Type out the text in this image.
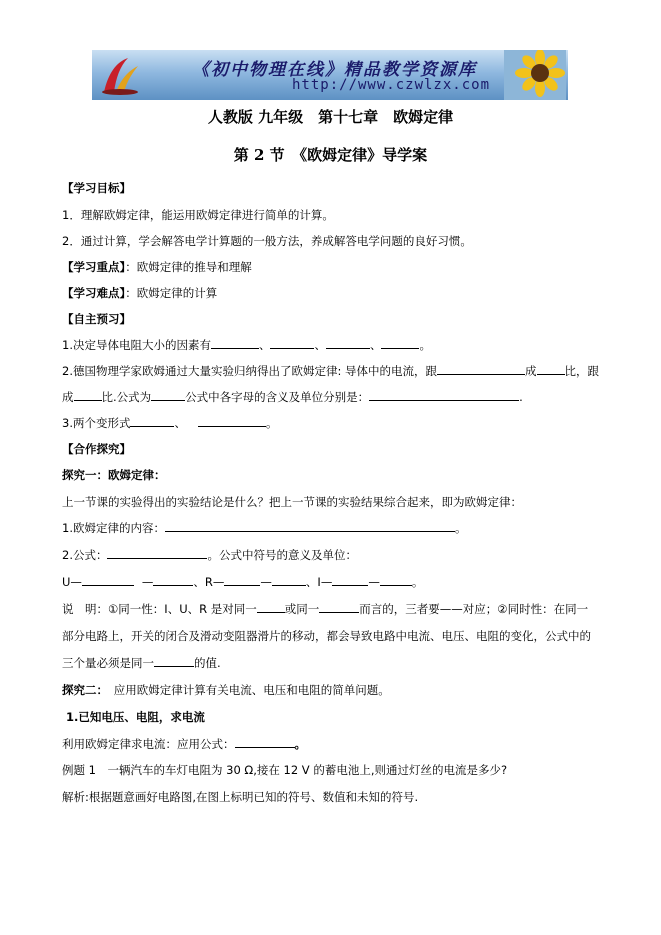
《初中物理在线》精品教学资源库
http://www.czwlzx.com
人教版 九年级　第十七章　欧姆定律
第 2 节　《欧姆定律》导学案
【学习目标】
1．理解欧姆定律，能运用欧姆定律进行简单的计算。
2．通过计算，学会解答电学计算题的一般方法，养成解答电学问题的良好习惯。
【学习重点】：欧姆定律的推导和理解
【学习难点】：欧姆定律的计算
【自主预习】
1.决定导体电阻大小的因素有	、	、	、	。
2.德国物理学家欧姆通过大量实验归纳得出了欧姆定律: 导体中的电流，跟	成 比，跟
成 比.公式为	公式中各字母的含义及单位分别是：	.
3.两个变形式	、	。
【合作探究】
探究一：欧姆定律：
上一节课的实验得出的实验结论是什么？把上一节课的实验结果综合起来，即为欧姆定律：
1.欧姆定律的内容：	。
2.公式：	。公式中符号的意义及单位：
U—	—	、R—	—	、I—	—	。
说　明：①同一性：I、U、R 是对同一 或同一	而言的，三者要——对应；②同时性：在同一
部分电路上，开关的闭合及滑动变阻器滑片的移动，都会导致电路中电流、电压、电阻的变化，公式中的
三个量必须是同一	的值.
探究二：　应用欧姆定律计算有关电流、电压和电阻的简单问题。
1.已知电压、电阻，求电流
利用欧姆定律求电流：应用公式：	。
例题 1　一辆汽车的车灯电阻为 30 Ω,接在 12 V 的蓄电池上,则通过灯丝的电流是多少?
解析:根据题意画好电路图,在图上标明已知的符号、数值和未知的符号.
